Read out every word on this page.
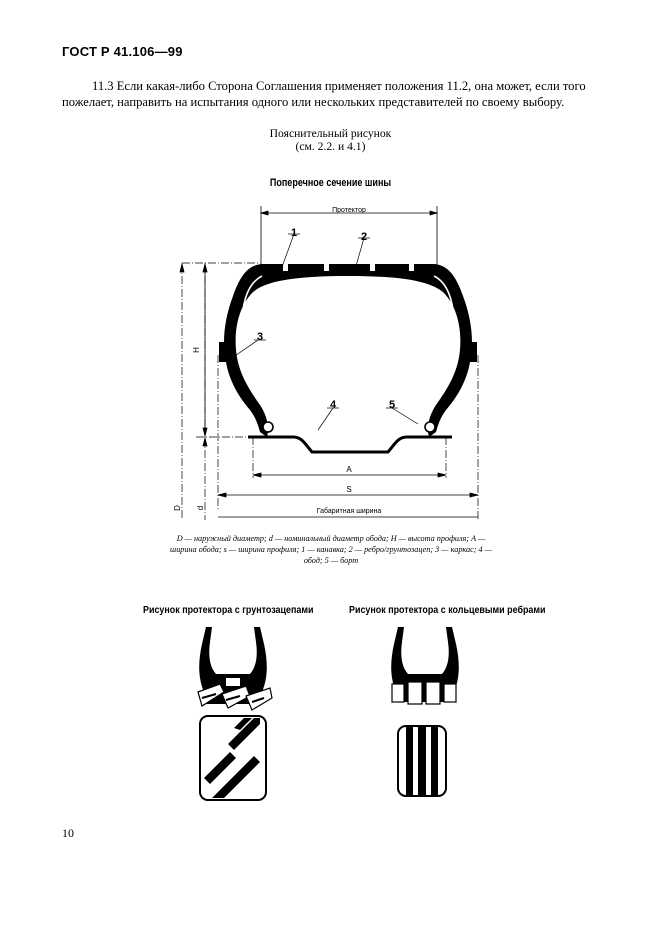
ГОСТ Р 41.106—99
11.3 Если какая-либо Сторона Соглашения применяет положения 11.2, она может, если того пожелает, направить на испытания одного или нескольких представителей по своему выбору.
Пояснительный рисунок
(см. 2.2. и 4.1)
Поперечное сечение шины
Протектор
1	2
3
4	5
H
D d
A
S
Габаритная ширина
D — наружный диаметр; d — номинальный диаметр обода; H — высота профиля; A — ширина обода; s — ширина профиля; 1 — канавка; 2 — ребро/грунтозацеп; 3 — каркас; 4 — обод; 5 — борт
Рисунок протектора с грунтозацепами	Рисунок протектора с кольцевыми ребрами
10
